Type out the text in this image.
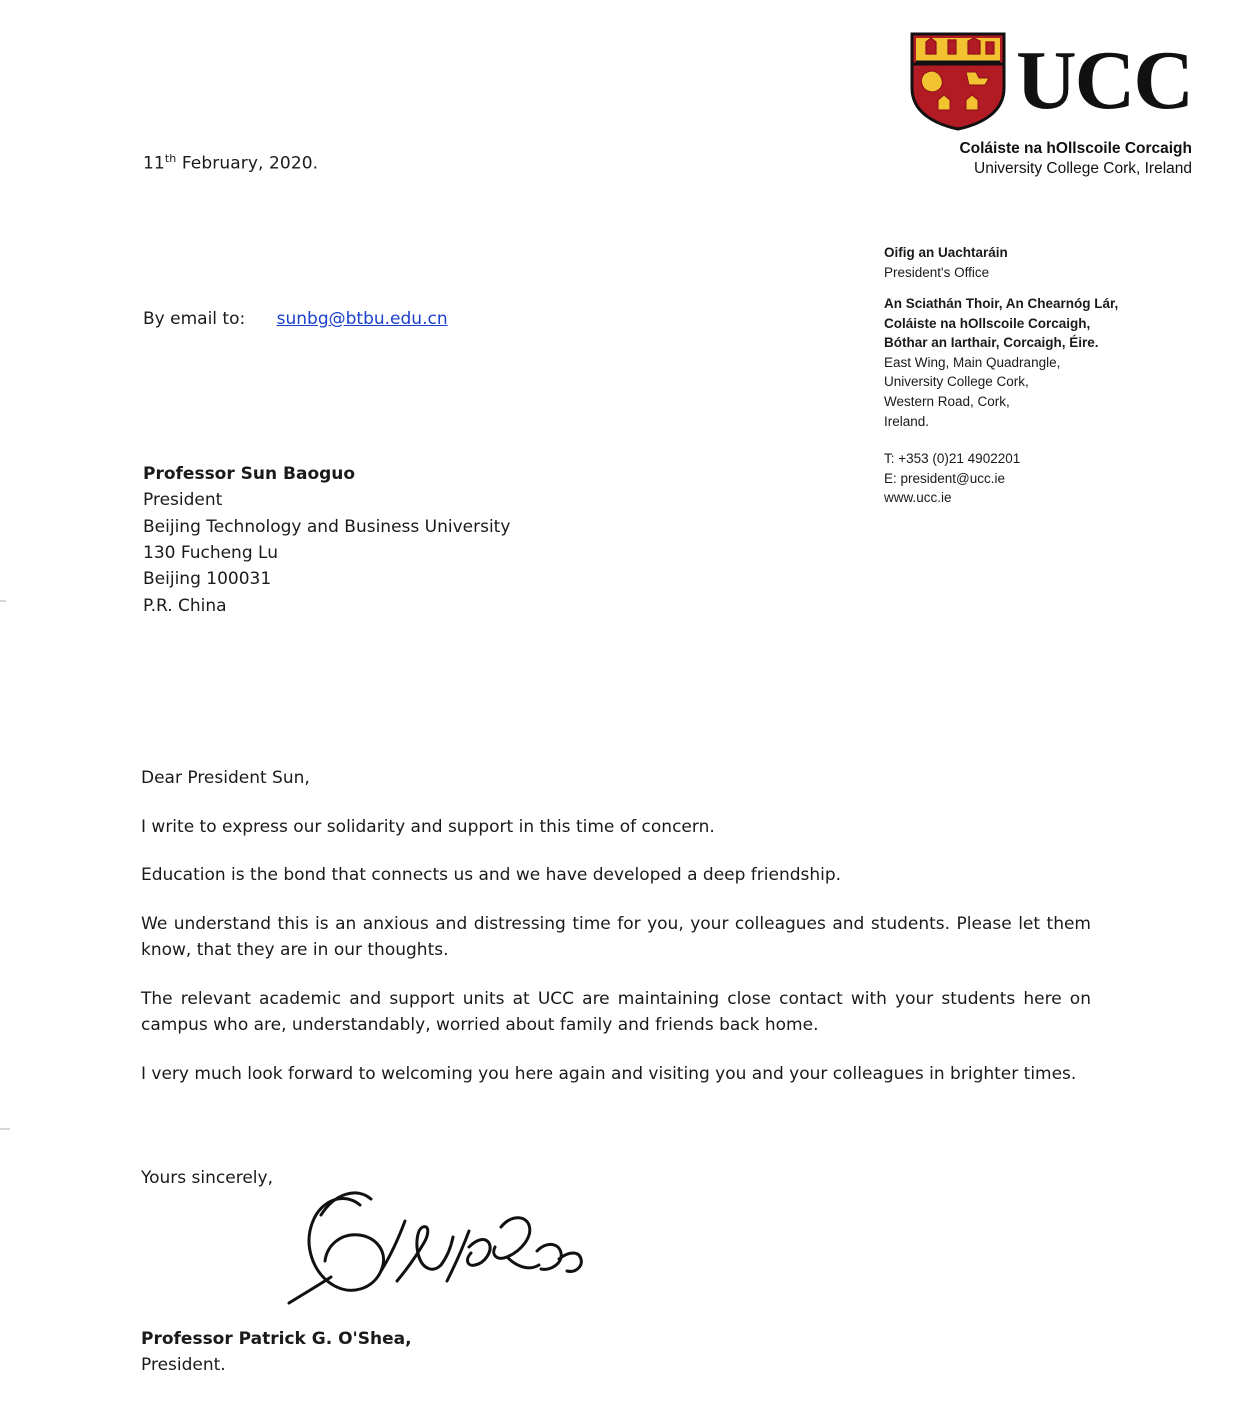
UCC
Coláiste na hOllscoile Corcaigh
University College Cork, Ireland
Oifig an Uachtaráin
President's Office
An Sciathán Thoir, An Chearnóg Lár,
Coláiste na hOllscoile Corcaigh,
Bóthar an Iarthair, Corcaigh, Éire.
East Wing, Main Quadrangle,
University College Cork,
Western Road, Cork,
Ireland.
T: +353 (0)21 4902201
E: president@ucc.ie
www.ucc.ie
11th February, 2020.
By email to: sunbg@btbu.edu.cn
Professor Sun Baoguo
President
Beijing Technology and Business University
130 Fucheng Lu
Beijing 100031
P.R. China

Dear President Sun,

I write to express our solidarity and support in this time of concern.

Education is the bond that connects us and we have developed a deep friendship.

We understand this is an anxious and distressing time for you, your colleagues and students. Please let them know, that they are in our thoughts.

The relevant academic and support units at UCC are maintaining close contact with your students here on campus who are, understandably, worried about family and friends back home.

I very much look forward to welcoming you here again and visiting you and your colleagues in brighter times.

Yours sincerely,
Professor Patrick G. O'Shea,
President.
